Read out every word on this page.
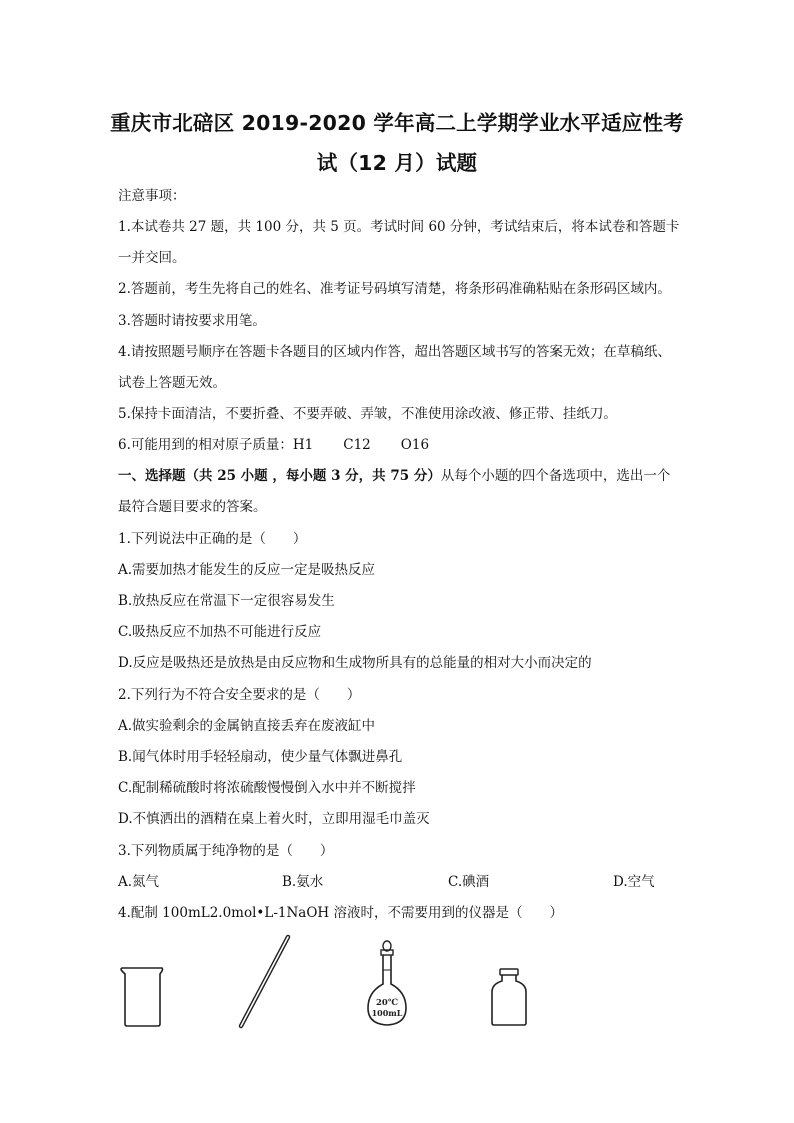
重庆市北碚区 2019-2020 学年高二上学期学业水平适应性考
试（12 月）试题
注意事项：
1.本试卷共 27 题，共 100 分，共 5 页。考试时间 60 分钟，考试结束后，将本试卷和答题卡
一并交回。
2.答题前，考生先将自己的姓名、准考证号码填写清楚，将条形码准确粘贴在条形码区域内。
3.答题时请按要求用笔。
4.请按照题号顺序在答题卡各题目的区域内作答，超出答题区域书写的答案无效；在草稿纸、
试卷上答题无效。
5.保持卡面清洁，不要折叠、不要弄破、弄皱，不准使用涂改液、修正带、挂纸刀。
6.可能用到的相对原子质量：H1 C12 O16
一、选择题（共 25 小题 ，每小题 3 分，共 75 分）从每个小题的四个备选项中，选出一个
最符合题目要求的答案。
1.下列说法中正确的是（　　）
A.需要加热才能发生的反应一定是吸热反应
B.放热反应在常温下一定很容易发生
C.吸热反应不加热不可能进行反应
D.反应是吸热还是放热是由反应物和生成物所具有的总能量的相对大小而决定的
2.下列行为不符合安全要求的是（　　）
A.做实验剩余的金属钠直接丢弃在废液缸中
B.闻气体时用手轻轻扇动，使少量气体飘进鼻孔
C.配制稀硫酸时将浓硫酸慢慢倒入水中并不断搅拌
D.不慎洒出的酒精在桌上着火时，立即用湿毛巾盖灭
3.下列物质属于纯净物的是（　　）
A.氮气	B.氨水	C.碘酒	D.空气
4.配制 100mL2.0mol•L-1NaOH 溶液时，不需要用到的仪器是（　　）
20℃
100mL
